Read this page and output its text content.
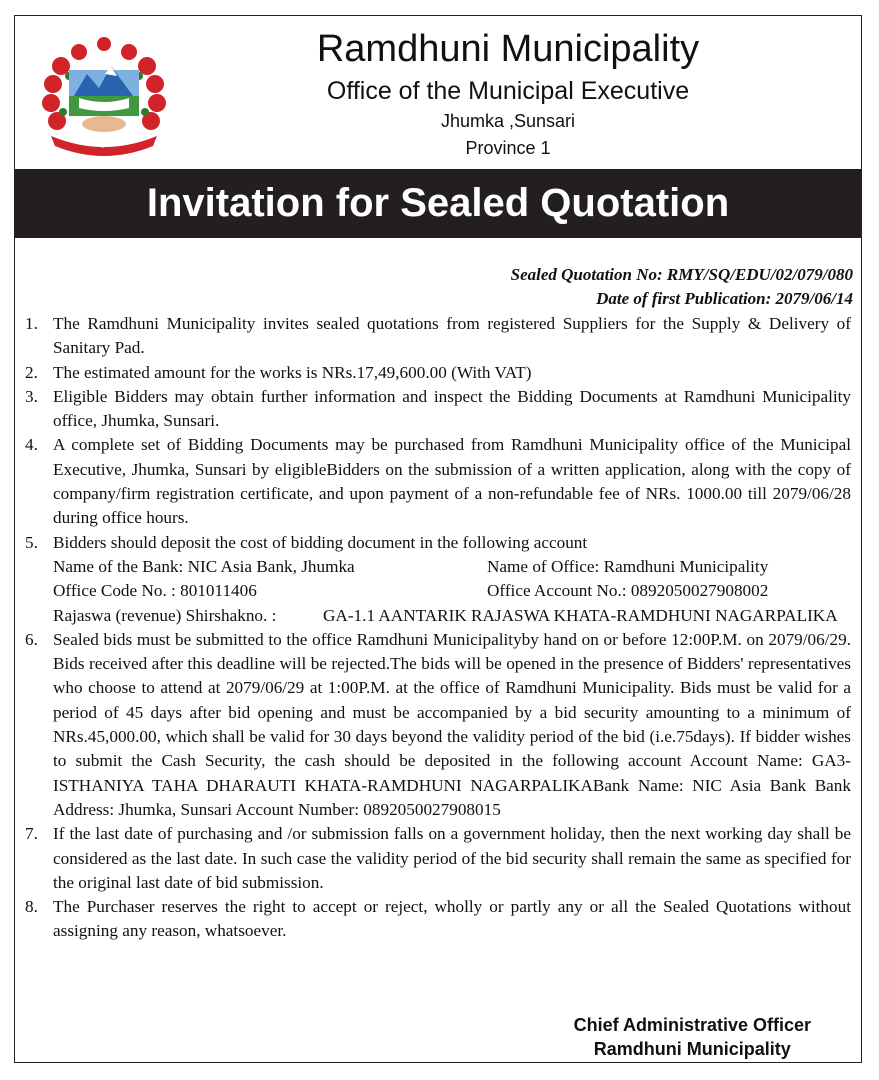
ॐ
Ramdhuni Municipality
Office of the Municipal Executive
Jhumka ,Sunsari
Province 1
Invitation for Sealed Quotation
Sealed Quotation No: RMY/SQ/EDU/02/079/080
Date of first Publication: 2079/06/14
1. The Ramdhuni Municipality invites sealed quotations from registered Suppliers for the Supply & Delivery of Sanitary Pad.
2. The estimated amount for the works is NRs.17,49,600.00 (With VAT)
3. Eligible Bidders may obtain further information and inspect the Bidding Documents at Ramdhuni Municipality office, Jhumka, Sunsari.
4. A complete set of Bidding Documents may be purchased from Ramdhuni Municipality office of the Municipal Executive, Jhumka, Sunsari by eligibleBidders on the submission of a written application, along with the copy of company/firm registration certificate, and upon payment of a non-refundable fee of NRs. 1000.00 till 2079/06/28 during office hours.
5. Bidders should deposit the cost of bidding document in the following account
Name of the Bank: NIC Asia Bank, Jhumka	Name of Office: Ramdhuni Municipality
Office Code No. : 801011406	Office Account No.: 0892050027908002
Rajaswa (revenue) Shirshakno. :	GA-1.1 AANTARIK RAJASWA KHATA-RAMDHUNI NAGARPALIKA
6. Sealed bids must be submitted to the office Ramdhuni Municipalityby hand on or before 12:00P.M. on 2079/06/29. Bids received after this deadline will be rejected.The bids will be opened in the presence of Bidders' representatives who choose to attend at 2079/06/29 at 1:00P.M. at the office of Ramdhuni Municipality. Bids must be valid for a period of 45 days after bid opening and must be accompanied by a bid security amounting to a minimum of NRs.45,000.00, which shall be valid for 30 days beyond the validity period of the bid (i.e.75days). If bidder wishes to submit the Cash Security, the cash should be deposited in the following account Account Name: GA3-ISTHANIYA TAHA DHARAUTI KHATA-RAMDHUNI NAGARPALIKABank Name: NIC Asia Bank Bank Address: Jhumka, Sunsari Account Number: 0892050027908015
7. If the last date of purchasing and /or submission falls on a government holiday, then the next working day shall be considered as the last date. In such case the validity period of the bid security shall remain the same as specified for the original last date of bid submission.
8. The Purchaser reserves the right to accept or reject, wholly or partly any or all the Sealed Quotations without assigning any reason, whatsoever.
Chief Administrative Officer
Ramdhuni Municipality
